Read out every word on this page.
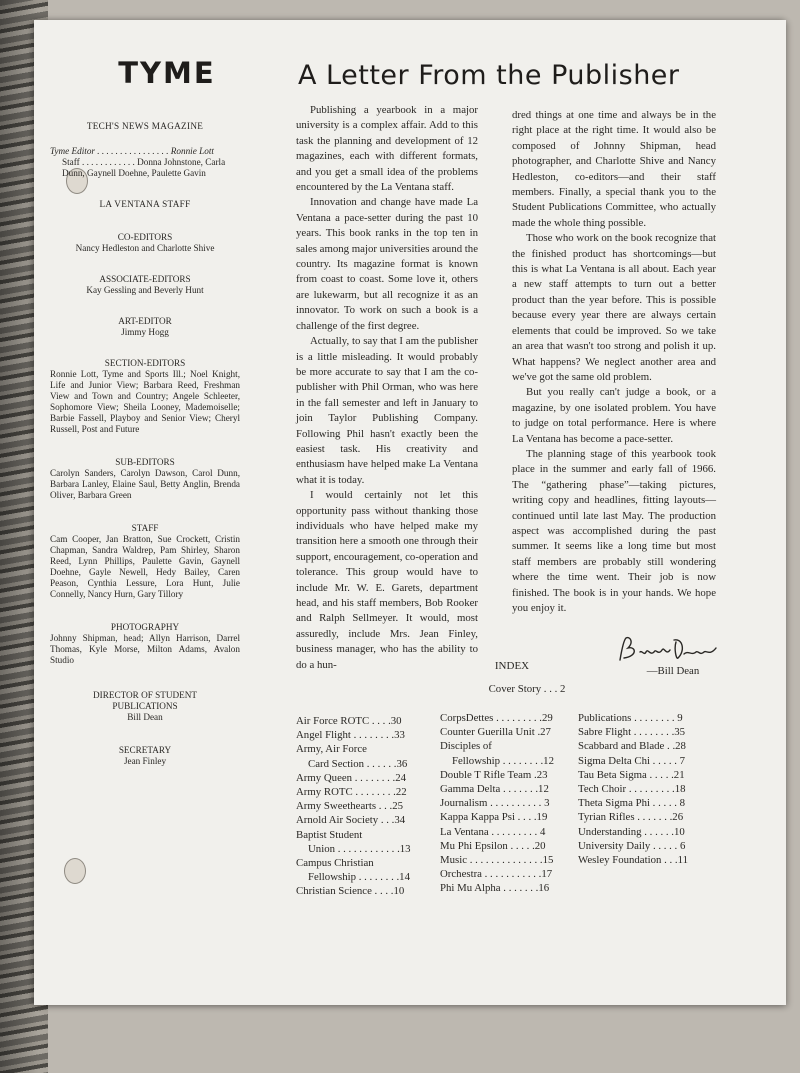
TYME	A Letter From the Publisher
TECH'S NEWS MAGAZINE
Tyme Editor . . . . . . . . . . . . . . . . Ronnie Lott
Staff . . . . . . . . . . . . Donna Johnstone, Carla Dunn, Gaynell Doehne, Paulette Gavin
LA VENTANA STAFF
CO-EDITORS
Nancy Hedleston and Charlotte Shive
ASSOCIATE-EDITORS
Kay Gessling and Beverly Hunt
ART-EDITOR
Jimmy Hogg
SECTION-EDITORS
Ronnie Lott, Tyme and Sports Ill.; Noel Knight, Life and Junior View; Barbara Reed, Freshman View and Town and Country; Angele Schleeter, Sophomore View; Sheila Looney, Mademoiselle; Barbie Fassell, Playboy and Senior View; Cheryl Russell, Post and Future
SUB-EDITORS
Carolyn Sanders, Carolyn Dawson, Carol Dunn, Barbara Lanley, Elaine Saul, Betty Anglin, Brenda Oliver, Barbara Green
STAFF
Cam Cooper, Jan Bratton, Sue Crockett, Cristin Chapman, Sandra Waldrep, Pam Shirley, Sharon Reed, Lynn Phillips, Paulette Gavin, Gaynell Doehne, Gayle Newell, Hedy Bailey, Caren Peason, Cynthia Lessure, Lora Hunt, Julie Connelly, Nancy Hurn, Gary Tillory
PHOTOGRAPHY
Johnny Shipman, head; Allyn Harrison, Darrel Thomas, Kyle Morse, Milton Adams, Avalon Studio
DIRECTOR OF STUDENT PUBLICATIONS
Bill Dean
SECRETARY
Jean Finley

Publishing a yearbook in a major university is a complex affair. Add to this task the planning and development of 12 magazines, each with different formats, and you get a small idea of the problems encountered by the La Ventana staff.

Innovation and change have made La Ventana a pace-setter during the past 10 years. This book ranks in the top ten in sales among major universities around the country. Its magazine format is known from coast to coast. Some love it, others are lukewarm, but all recognize it as an innovator. To work on such a book is a challenge of the first degree.

Actually, to say that I am the publisher is a little misleading. It would probably be more accurate to say that I am the co-publisher with Phil Orman, who was here in the fall semester and left in January to join Taylor Publishing Company. Following Phil hasn't exactly been the easiest task. His creativity and enthusiasm have helped make La Ventana what it is today.

I would certainly not let this opportunity pass without thanking those individuals who have helped make my transition here a smooth one through their support, encouragement, co-operation and tolerance. This group would have to include Mr. W. E. Garets, department head, and his staff members, Bob Rooker and Ralph Sellmeyer. It would, most assuredly, include Mrs. Jean Finley, business manager, who has the ability to do a hun-

dred things at one time and always be in the right place at the right time. It would also be composed of Johnny Shipman, head photographer, and Charlotte Shive and Nancy Hedleston, co-editors—and their staff members. Finally, a special thank you to the Student Publications Committee, who actually made the whole thing possible.

Those who work on the book recognize that the finished product has shortcomings—but this is what La Ventana is all about. Each year a new staff attempts to turn out a better product than the year before. This is possible because every year there are always certain elements that could be improved. So we take an area that wasn't too strong and polish it up. What happens? We neglect another area and we've got the same old problem.

But you really can't judge a book, or a magazine, by one isolated problem. You have to judge on total performance. Here is where La Ventana has become a pace-setter.

The planning stage of this yearbook took place in the summer and early fall of 1966. The “gathering phase”—taking pictures, writing copy and headlines, fitting layouts—continued until late last May. The production aspect was accomplished during the past summer. It seems like a long time but most staff members are probably still wondering where the time went. Their job is now finished. The book is in your hands. We hope you enjoy it.

—Bill Dean
INDEX
Cover Story . . . 2
Air Force ROTC . . . .30
Angel Flight . . . . . . . .33
Army, Air Force
Card Section . . . . . .36
Army Queen . . . . . . . .24
Army ROTC . . . . . . . .22
Army Sweethearts . . .25
Arnold Air Society . . .34
Baptist Student
Union . . . . . . . . . . . .13
Campus Christian
Fellowship . . . . . . . .14
Christian Science . . . .10
CorpsDettes . . . . . . . . .29
Counter Guerilla Unit .27
Disciples of
Fellowship . . . . . . . .12
Double T Rifle Team .23
Gamma Delta . . . . . . .12
Journalism . . . . . . . . . . 3
Kappa Kappa Psi . . . .19
La Ventana . . . . . . . . . 4
Mu Phi Epsilon . . . . .20
Music . . . . . . . . . . . . . .15
Orchestra . . . . . . . . . . .17
Phi Mu Alpha . . . . . . .16
Publications . . . . . . . . 9
Sabre Flight . . . . . . . .35
Scabbard and Blade . .28
Sigma Delta Chi . . . . . 7
Tau Beta Sigma . . . . .21
Tech Choir . . . . . . . . .18
Theta Sigma Phi . . . . . 8
Tyrian Rifles . . . . . . .26
Understanding . . . . . .10
University Daily . . . . . 6
Wesley Foundation . . .11
